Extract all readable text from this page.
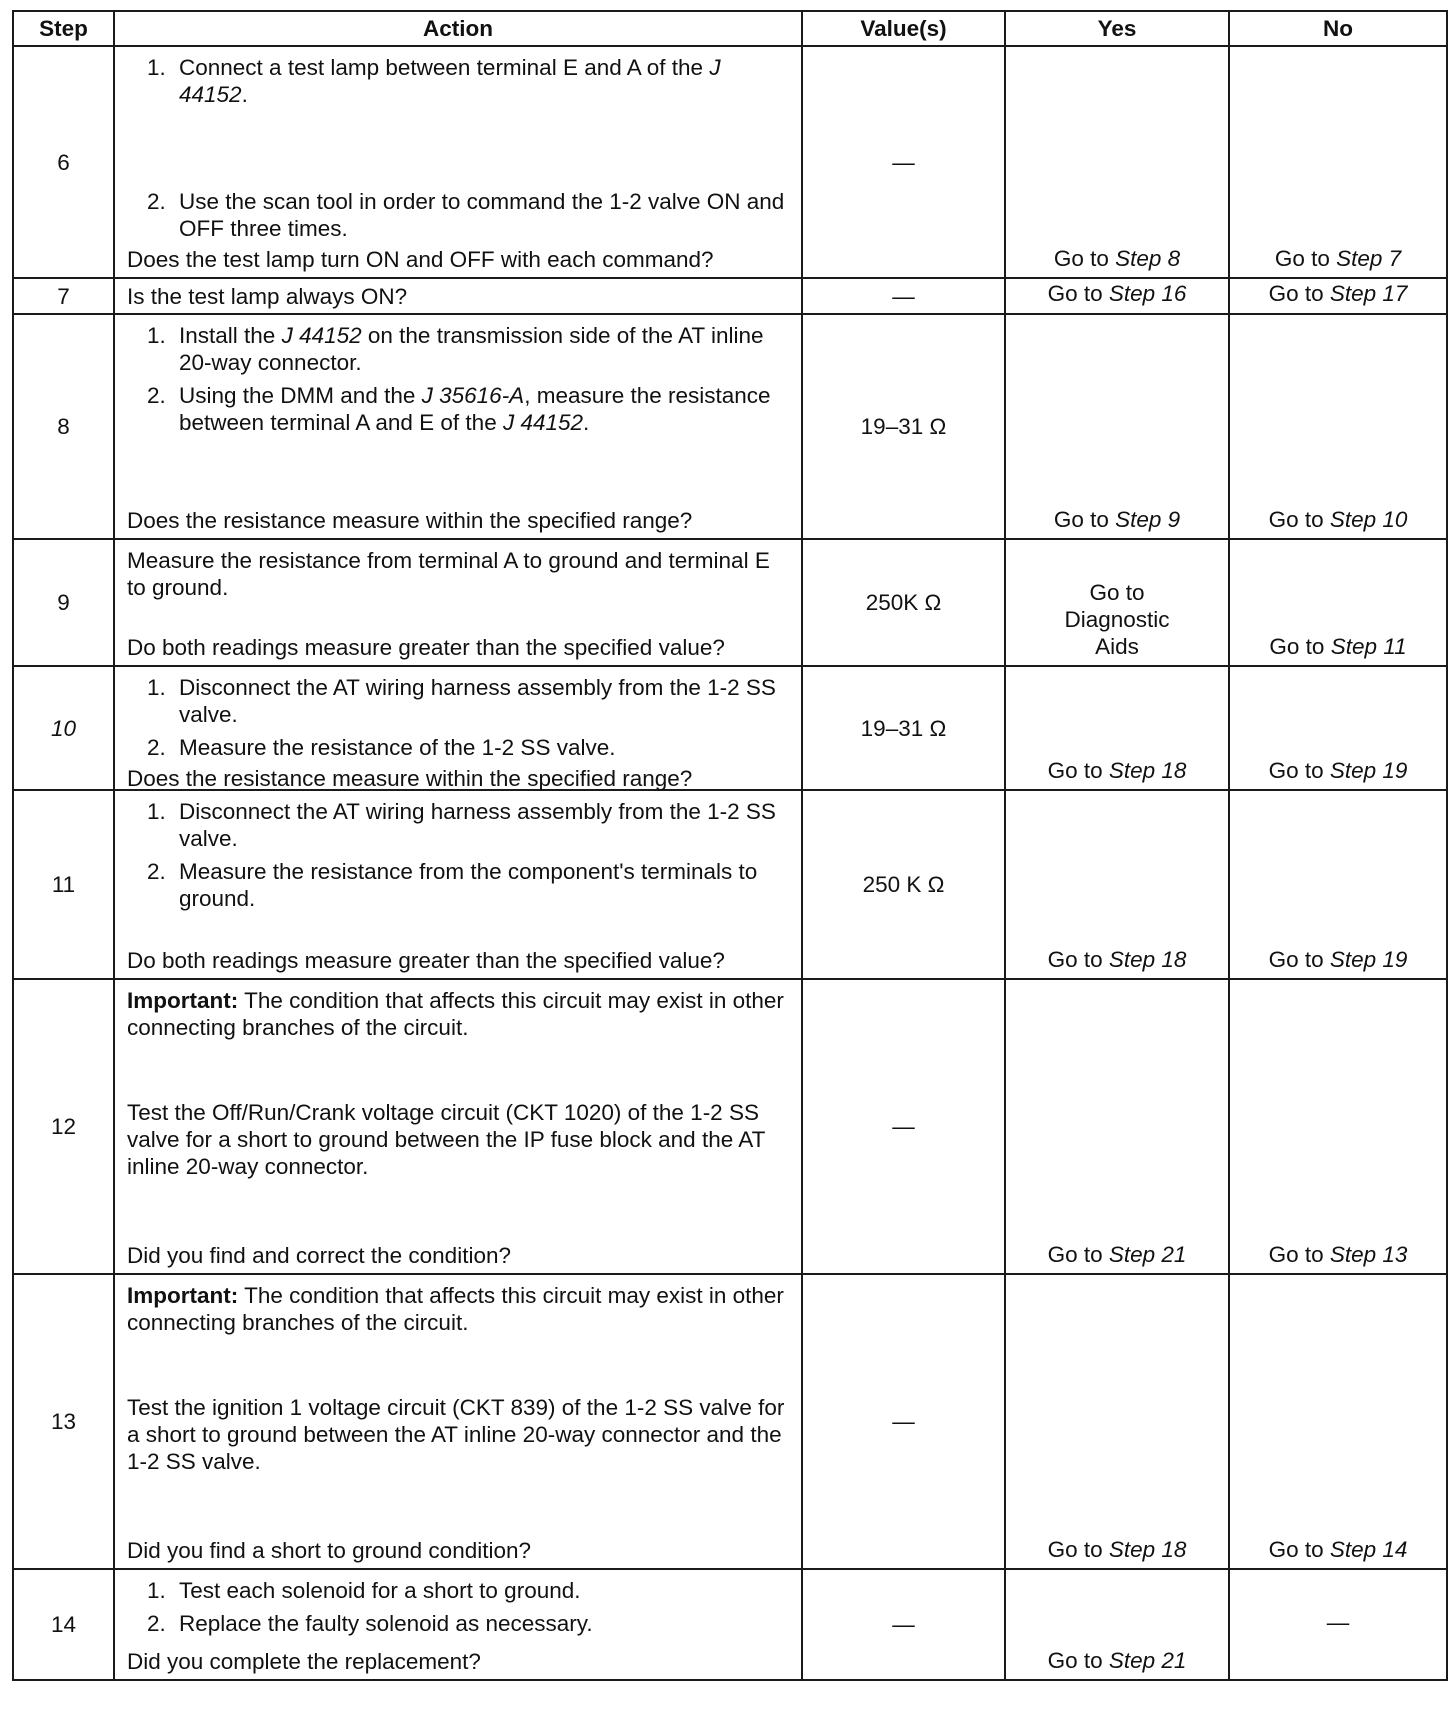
Step	Action	Value(s)	Yes	No
6	1. Connect a test lamp between terminal E and A of the J 44152.
2. Use the scan tool in order to command the 1-2 valve ON and OFF three times.
Does the test lamp turn ON and OFF with each command?	—	Go to Step 8	Go to Step 7
7	Is the test lamp always ON?	—	Go to Step 16	Go to Step 17
8	1. Install the J 44152 on the transmission side of the AT inline 20-way connector.
2. Using the DMM and the J 35616-A, measure the resistance between terminal A and E of the J 44152.
Does the resistance measure within the specified range?	19–31 Ω	Go to Step 9	Go to Step 10
9	Measure the resistance from terminal A to ground and terminal E to ground.
Do both readings measure greater than the specified value?	250K Ω	Go to Diagnostic Aids	Go to Step 11
10	1. Disconnect the AT wiring harness assembly from the 1-2 SS valve.
2. Measure the resistance of the 1-2 SS valve.
Does the resistance measure within the specified range?	19–31 Ω	Go to Step 18	Go to Step 19
11	1. Disconnect the AT wiring harness assembly from the 1-2 SS valve.
2. Measure the resistance from the component's terminals to ground.
Do both readings measure greater than the specified value?	250 K Ω	Go to Step 18	Go to Step 19
12	Important: The condition that affects this circuit may exist in other connecting branches of the circuit.
Test the Off/Run/Crank voltage circuit (CKT 1020) of the 1-2 SS valve for a short to ground between the IP fuse block and the AT inline 20-way connector.
Did you find and correct the condition?	—	Go to Step 21	Go to Step 13
13	Important: The condition that affects this circuit may exist in other connecting branches of the circuit.
Test the ignition 1 voltage circuit (CKT 839) of the 1-2 SS valve for a short to ground between the AT inline 20-way connector and the 1-2 SS valve.
Did you find a short to ground condition?	—	Go to Step 18	Go to Step 14
14	1. Test each solenoid for a short to ground.
2. Replace the faulty solenoid as necessary.
Did you complete the replacement?	—	Go to Step 21	—
